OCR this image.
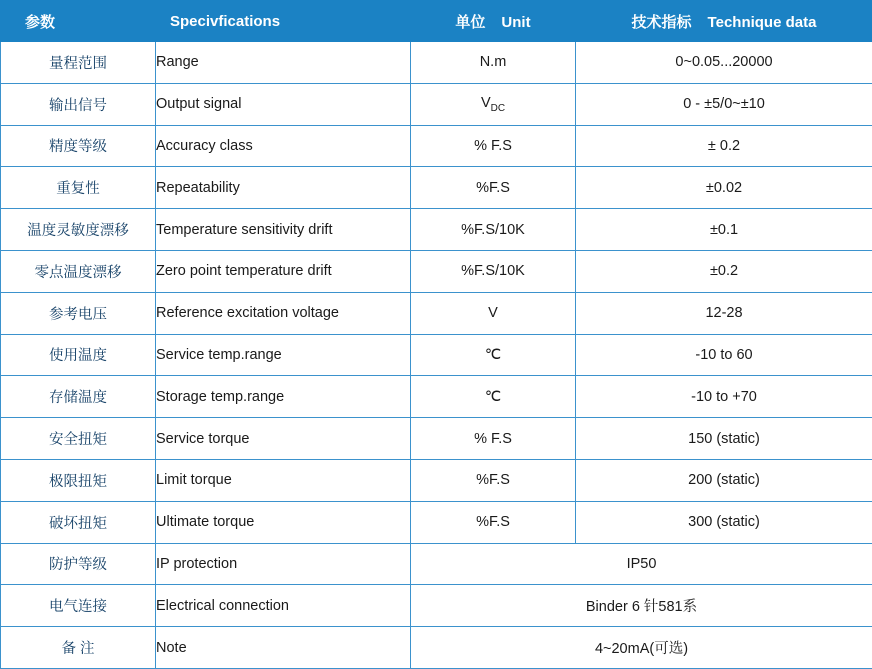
参数	Specivfications	单位 Unit	技术指标 Technique data

量程范围	Range	N.m	0~0.05...20000
输出信号	Output signal	$V_{DC}$	0 - ±5/0~±10
精度等级	Accuracy class	% F.S	± 0.2
重复性	Repeatability	%F.S	±0.02
温度灵敏度漂移	Temperature sensitivity drift	%F.S/10K	±0.1
零点温度漂移	Zero point temperature drift	%F.S/10K	±0.2
参考电压	Reference excitation voltage	V	12-28
使用温度	Service temp.range	℃	-10 to 60
存储温度	Storage temp.range	℃	-10 to +70
安全扭矩	Service torque	% F.S	150 (static)
极限扭矩	Limit torque	%F.S	200 (static)
破坏扭矩	Ultimate torque	%F.S	300 (static)
防护等级	IP protection	IP50	
电气连接	Electrical connection	Binder 6 针581系	
备 注	Note	4~20mA(可选)	
